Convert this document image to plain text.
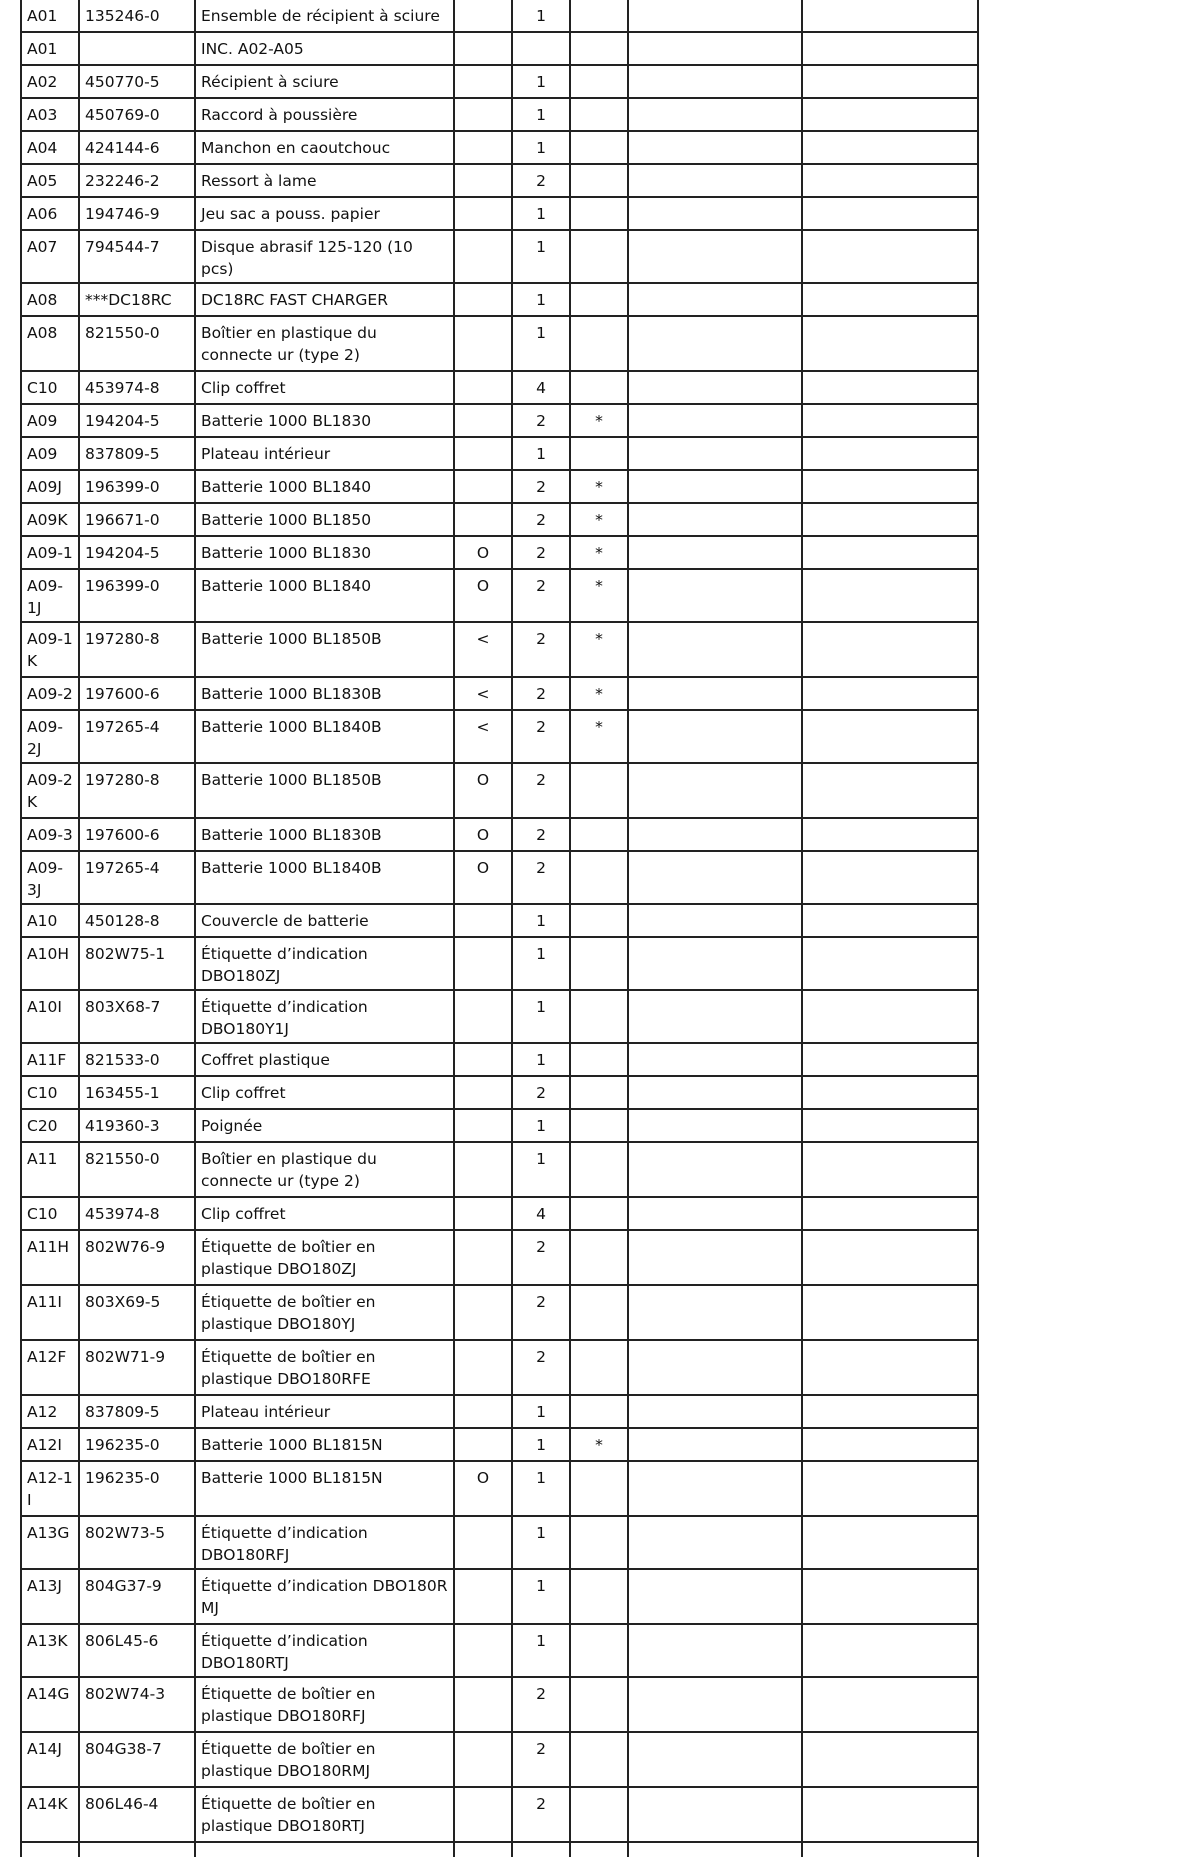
A01	135246-0	Ensemble de récipient à sciure		1			
A01		INC. A02-A05					
A02	450770-5	Récipient à sciure		1			
A03	450769-0	Raccord à poussière		1			
A04	424144-6	Manchon en caoutchouc		1			
A05	232246-2	Ressort à lame		2			
A06	194746-9	Jeu sac a pouss. papier		1			
A07	794544-7	Disque abrasif 125-120 (10 pcs)		1			
A08	***DC18RC	DC18RC FAST CHARGER		1			
A08	821550-0	Boîtier en plastique du connecte ur (type 2)		1			
C10	453974-8	Clip coffret		4			
A09	194204-5	Batterie 1000 BL1830		2	*		
A09	837809-5	Plateau intérieur		1			
A09J	196399-0	Batterie 1000 BL1840		2	*		
A09K	196671-0	Batterie 1000 BL1850		2	*		
A09-1	194204-5	Batterie 1000 BL1830	O	2	*		
A09-1J	196399-0	Batterie 1000 BL1840	O	2	*		
A09-1 K	197280-8	Batterie 1000 BL1850B	<	2	*		
A09-2	197600-6	Batterie 1000 BL1830B	<	2	*		
A09-2J	197265-4	Batterie 1000 BL1840B	<	2	*		
A09-2 K	197280-8	Batterie 1000 BL1850B	O	2			
A09-3	197600-6	Batterie 1000 BL1830B	O	2			
A09-3J	197265-4	Batterie 1000 BL1840B	O	2			
A10	450128-8	Couvercle de batterie		1			
A10H	802W75-1	Étiquette d’indication DBO180ZJ		1			
A10I	803X68-7	Étiquette d’indication DBO180Y1J		1			
A11F	821533-0	Coffret plastique		1			
C10	163455-1	Clip coffret		2			
C20	419360-3	Poignée		1			
A11	821550-0	Boîtier en plastique du connecte ur (type 2)		1			
C10	453974-8	Clip coffret		4			
A11H	802W76-9	Étiquette de boîtier en plastique DBO180ZJ		2			
A11I	803X69-5	Étiquette de boîtier en plastique DBO180YJ		2			
A12F	802W71-9	Étiquette de boîtier en plastique DBO180RFE		2			
A12	837809-5	Plateau intérieur		1			
A12I	196235-0	Batterie 1000 BL1815N		1	*		
A12-1 I	196235-0	Batterie 1000 BL1815N	O	1			
A13G	802W73-5	Étiquette d’indication DBO180RFJ		1			
A13J	804G37-9	Étiquette d’indication DBO180R MJ		1			
A13K	806L45-6	Étiquette d’indication DBO180RTJ		1			
A14G	802W74-3	Étiquette de boîtier en plastique DBO180RFJ		2			
A14J	804G38-7	Étiquette de boîtier en plastique DBO180RMJ		2			
A14K	806L46-4	Étiquette de boîtier en plastique DBO180RTJ		2			
